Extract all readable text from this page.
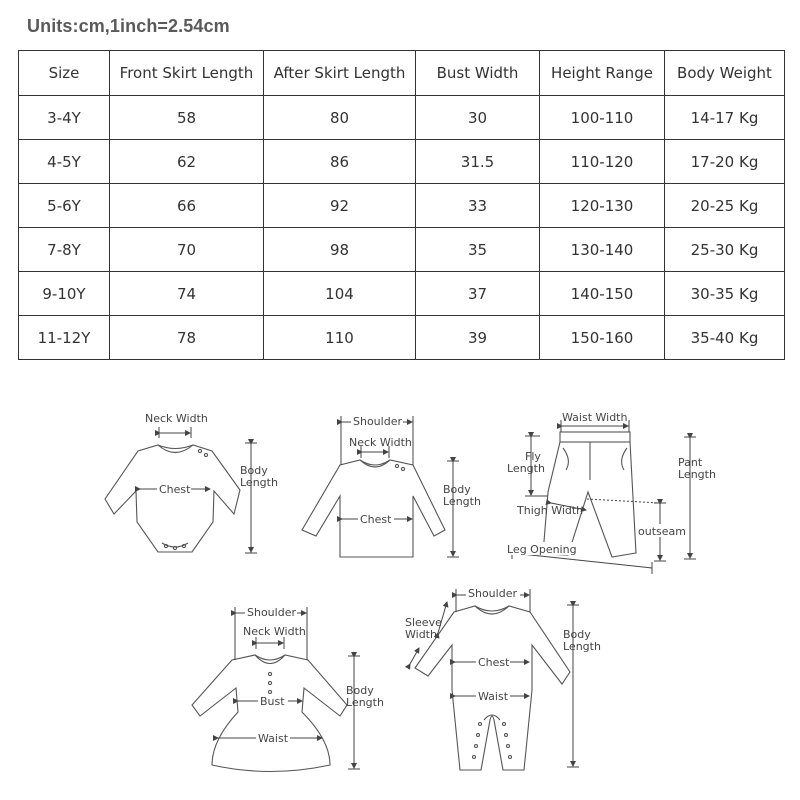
Units:cm,1inch=2.54cm
Size	Front Skirt Length	After Skirt Length	Bust Width	Height Range	Body Weight
3-4Y	58	80	30	100-110	14-17 Kg
4-5Y	62	86	31.5	110-120	17-20 Kg
5-6Y	66	92	33	120-130	20-25 Kg
7-8Y	70	98	35	130-140	25-30 Kg
9-10Y	74	104	37	140-150	30-35 Kg
11-12Y	78	110	39	150-160	35-40 Kg
Neck Width
Body
Length
Chest
Shoulder
Neck Width
Body
Length
Chest
Waist Width
Fly
Length	Pant
Length
Thigh Width
outseam
Leg Opening
Shoulder
Neck Width
Bust
Body
Length
Waist
Shoulder
Sleeve
Width
Chest
Body
Length
Waist
